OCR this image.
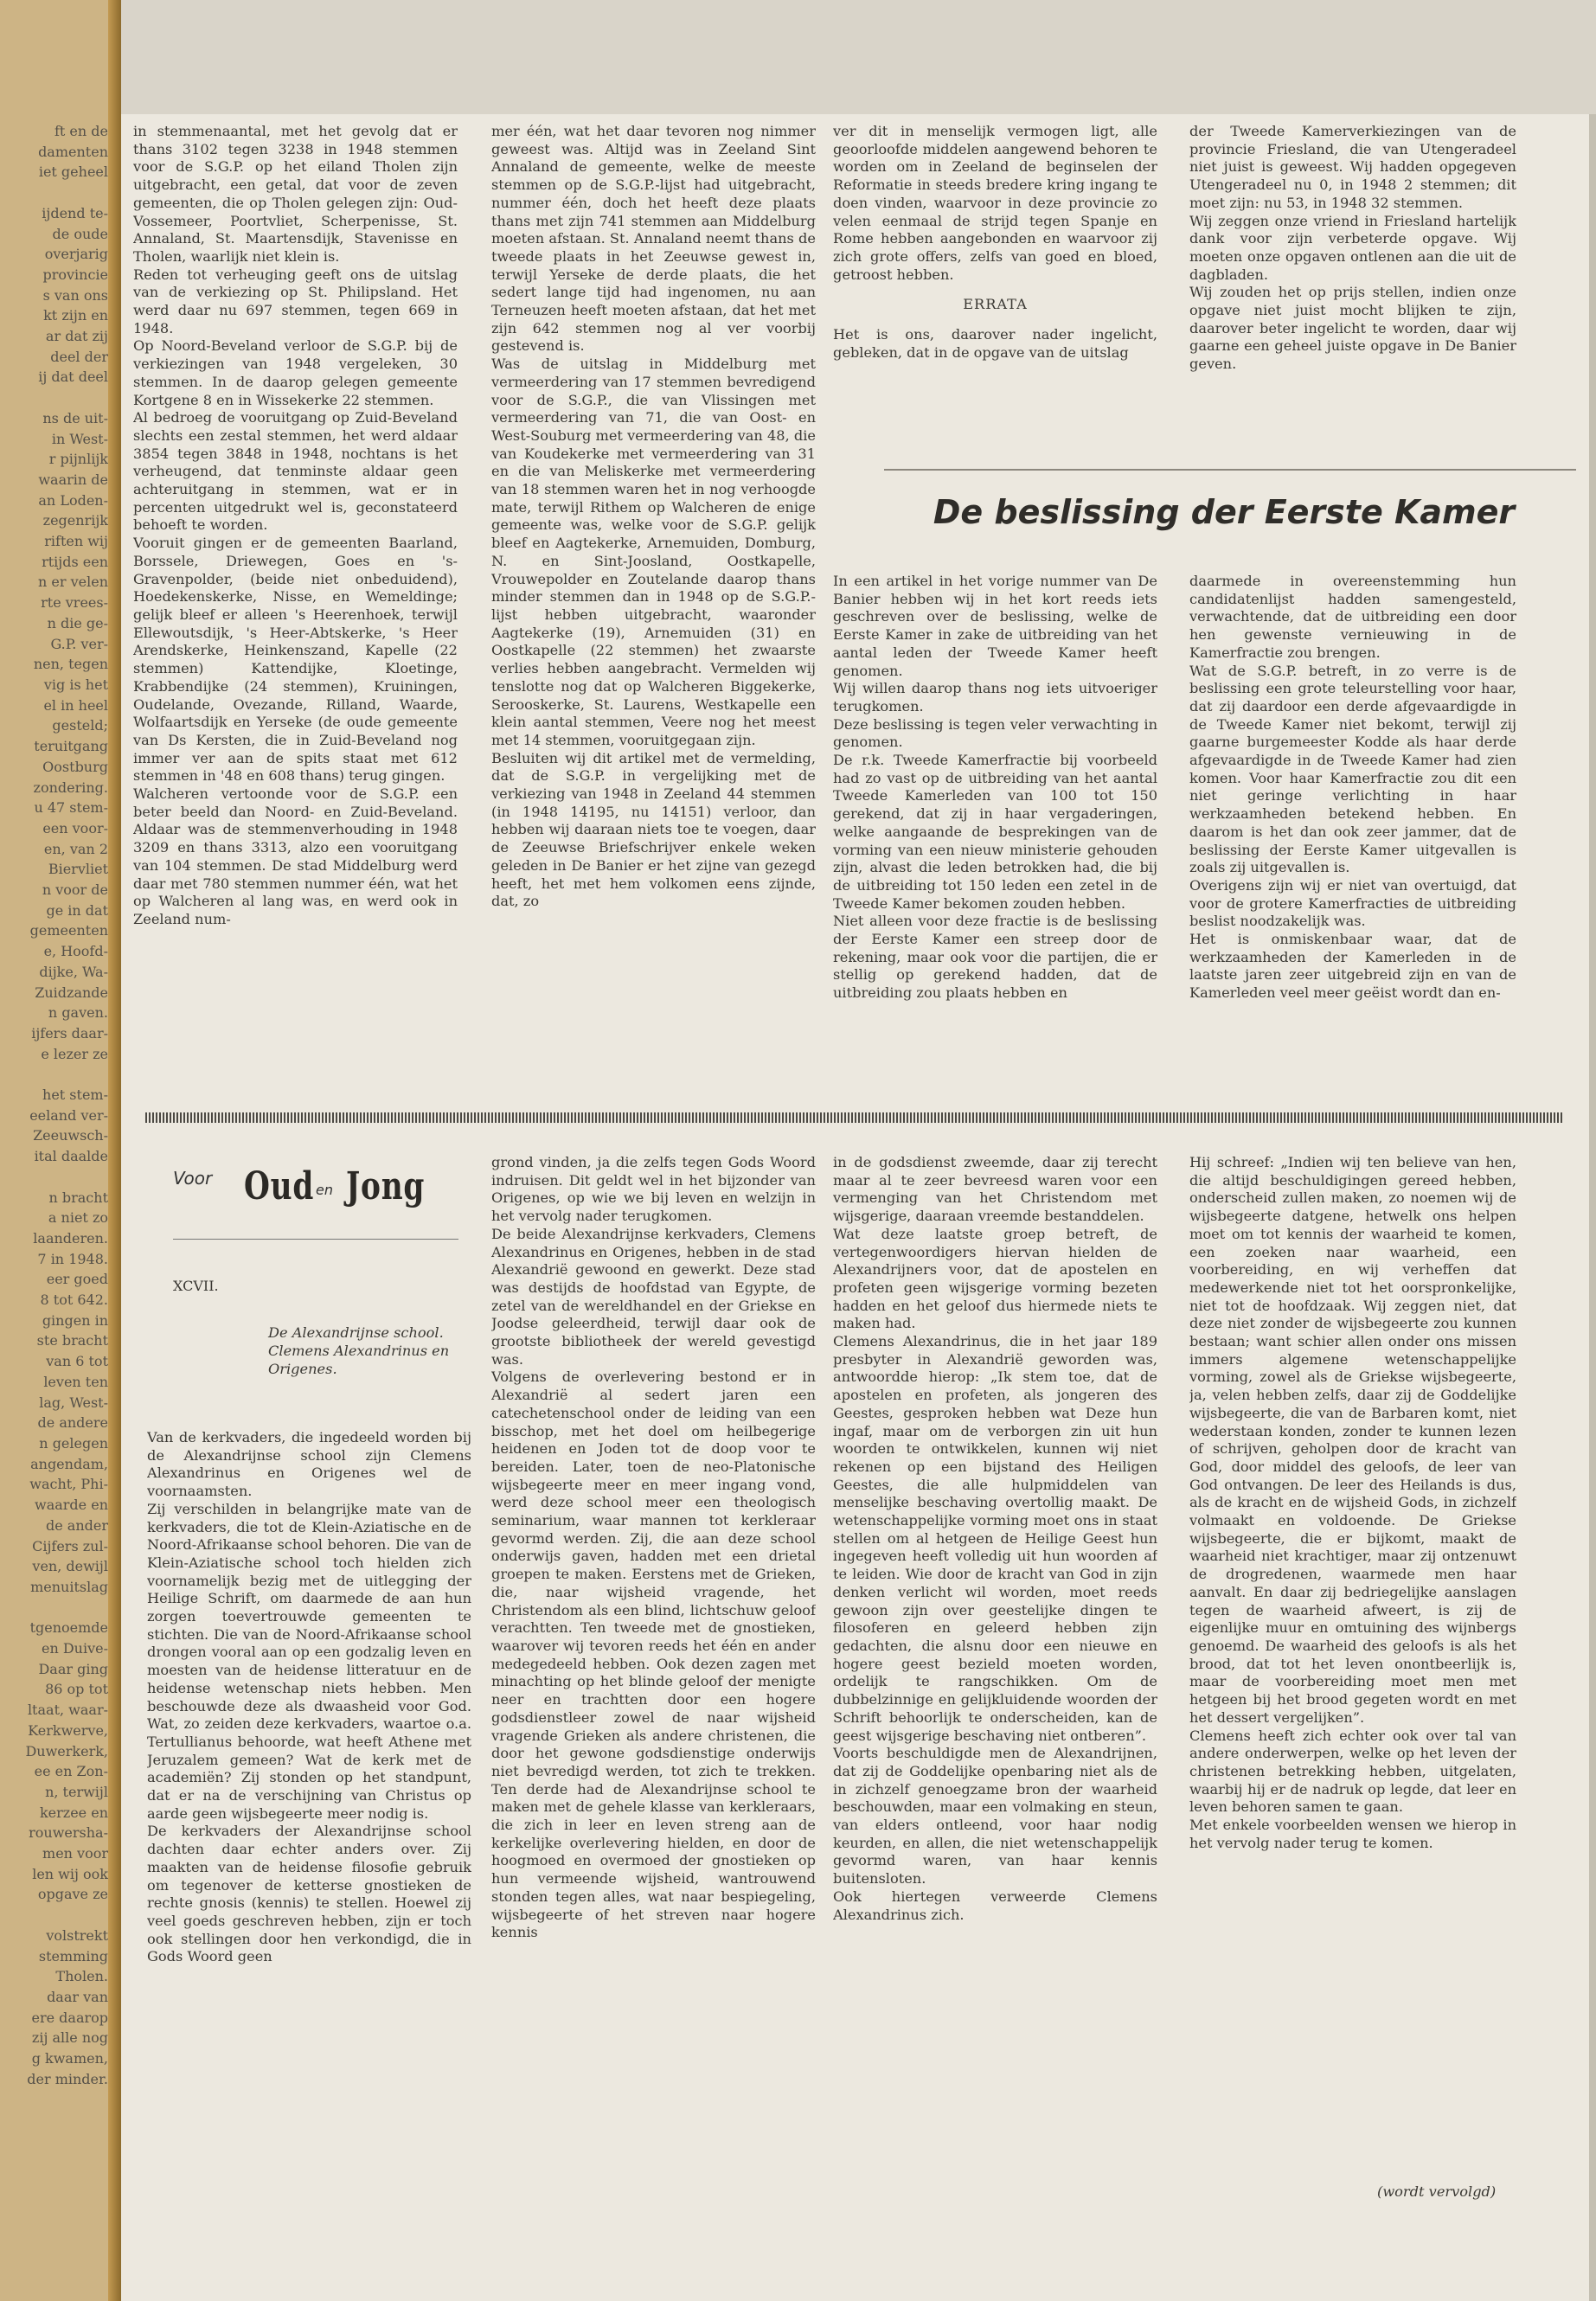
ft en de
damenten
iet geheel

ijdend te-
de oude
overjarig
provincie
s van ons
kt zijn en
ar dat zij
deel der
ij dat deel

ns de uit-
in West-
r pijnlijk
waarin de
an Loden-
zegenrijk
riften wij
rtijds een
n er velen
rte vrees-
n die ge-
G.P. ver-
nen, tegen
vig is het
el in heel
gesteld;
teruitgang
Oostburg
zondering.
u 47 stem-
een voor-
en, van 2
Biervliet
n voor de
ge in dat
gemeenten
e, Hoofd-
dijke, Wa-
Zuidzande
n gaven.
ijfers daar-
e lezer ze

het stem-
eeland ver-
Zeeuwsch-
ital daalde

n bracht
a niet zo
laanderen.
7 in 1948.
eer goed
8 tot 642.
gingen in
ste bracht
van 6 tot
leven ten
lag, West-
de andere
n gelegen
angendam,
wacht, Phi-
waarde en
de ander
Cijfers zul-
ven, dewijl
menuitslag

tgenoemde
en Duive-
Daar ging
86 op tot
ltaat, waar-
Kerkwerve,
Duwerkerk,
ee en Zon-
n, terwijl
kerzee en
rouwersha-
men voor
len wij ook
opgave ze

volstrekt
stemming
Tholen.
daar van
ere daarop
zij alle nog
g kwamen,
der minder.

in stemmenaantal, met het gevolg dat er thans 3102 tegen 3238 in 1948 stemmen voor de S.G.P. op het eiland Tholen zijn uitgebracht, een getal, dat voor de zeven gemeenten, die op Tholen gelegen zijn: Oud-Vossemeer, Poortvliet, Scherpenisse, St. Annaland, St. Maartensdijk, Stavenisse en Tholen, waarlijk niet klein is.

Reden tot verheuging geeft ons de uitslag van de verkiezing op St. Philipsland. Het werd daar nu 697 stemmen, tegen 669 in 1948.

Op Noord-Beveland verloor de S.G.P. bij de verkiezingen van 1948 vergeleken, 30 stemmen. In de daarop gelegen gemeente Kortgene 8 en in Wissekerke 22 stemmen.

Al bedroeg de vooruitgang op Zuid-Beveland slechts een zestal stemmen, het werd aldaar 3854 tegen 3848 in 1948, nochtans is het verheugend, dat tenminste aldaar geen achteruitgang in stemmen, wat er in percenten uitgedrukt wel is, geconstateerd behoeft te worden.

Vooruit gingen er de gemeenten Baarland, Borssele, Driewegen, Goes en 's-Gravenpolder, (beide niet onbeduidend), Hoedekenskerke, Nisse, en Wemeldinge; gelijk bleef er alleen 's Heerenhoek, terwijl Ellewoutsdijk, 's Heer-Abtskerke, 's Heer Arendskerke, Heinkenszand, Kapelle (22 stemmen) Kattendijke, Kloetinge, Krabbendijke (24 stemmen), Kruiningen, Oudelande, Ovezande, Rilland, Waarde, Wolfaartsdijk en Yerseke (de oude gemeente van Ds Kersten, die in Zuid-Beveland nog immer ver aan de spits staat met 612 stemmen in '48 en 608 thans) terug gingen.

Walcheren vertoonde voor de S.G.P. een beter beeld dan Noord- en Zuid-Beveland. Aldaar was de stemmenverhouding in 1948 3209 en thans 3313, alzo een vooruitgang van 104 stemmen. De stad Middelburg werd daar met 780 stemmen nummer één, wat het op Walcheren al lang was, en werd ook in Zeeland num-

mer één, wat het daar tevoren nog nimmer geweest was. Altijd was in Zeeland Sint Annaland de gemeente, welke de meeste stemmen op de S.G.P.-lijst had uitgebracht, nummer één, doch het heeft deze plaats thans met zijn 741 stemmen aan Middelburg moeten afstaan. St. Annaland neemt thans de tweede plaats in het Zeeuwse gewest in, terwijl Yerseke de derde plaats, die het sedert lange tijd had ingenomen, nu aan Terneuzen heeft moeten afstaan, dat het met zijn 642 stemmen nog al ver voorbij gestevend is.

Was de uitslag in Middelburg met vermeerdering van 17 stemmen bevredigend voor de S.G.P., die van Vlissingen met vermeerdering van 71, die van Oost- en West-Souburg met vermeerdering van 48, die van Koudekerke met vermeerdering van 31 en die van Meliskerke met vermeerdering van 18 stemmen waren het in nog verhoogde mate, terwijl Rithem op Walcheren de enige gemeente was, welke voor de S.G.P. gelijk bleef en Aagtekerke, Arnemuiden, Domburg, N. en Sint-Joosland, Oostkapelle, Vrouwepolder en Zoutelande daarop thans minder stemmen dan in 1948 op de S.G.P.-lijst hebben uitgebracht, waaronder Aagtekerke (19), Arnemuiden (31) en Oostkapelle (22 stemmen) het zwaarste verlies hebben aangebracht. Vermelden wij tenslotte nog dat op Walcheren Biggekerke, Serooskerke, St. Laurens, Westkapelle een klein aantal stemmen, Veere nog het meest met 14 stemmen, vooruitgegaan zijn.

Besluiten wij dit artikel met de vermelding, dat de S.G.P. in vergelijking met de verkiezing van 1948 in Zeeland 44 stemmen (in 1948 14195, nu 14151) verloor, dan hebben wij daaraan niets toe te voegen, daar de Zeeuwse Briefschrijver enkele weken geleden in De Banier er het zijne van gezegd heeft, het met hem volkomen eens zijnde, dat, zo

ver dit in menselijk vermogen ligt, alle geoorloofde middelen aangewend behoren te worden om in Zeeland de beginselen der Reformatie in steeds bredere kring ingang te doen vinden, waarvoor in deze provincie zo velen eenmaal de strijd tegen Spanje en Rome hebben aangebonden en waarvoor zij zich grote offers, zelfs van goed en bloed, getroost hebben.

ERRATA

Het is ons, daarover nader ingelicht, gebleken, dat in de opgave van de uitslag

der Tweede Kamerverkiezingen van de provincie Friesland, die van Utengeradeel niet juist is geweest. Wij hadden opgegeven Utengeradeel nu 0, in 1948 2 stemmen; dit moet zijn: nu 53, in 1948 32 stemmen.

Wij zeggen onze vriend in Friesland hartelijk dank voor zijn verbeterde opgave. Wij moeten onze opgaven ontlenen aan die uit de dagbladen.

Wij zouden het op prijs stellen, indien onze opgave niet juist mocht blijken te zijn, daarover beter ingelicht te worden, daar wij gaarne een geheel juiste opgave in De Banier geven.

De beslissing der Eerste Kamer

In een artikel in het vorige nummer van De Banier hebben wij in het kort reeds iets geschreven over de beslissing, welke de Eerste Kamer in zake de uitbreiding van het aantal leden der Tweede Kamer heeft genomen.

Wij willen daarop thans nog iets uitvoeriger terugkomen.

Deze beslissing is tegen veler verwachting in genomen.

De r.k. Tweede Kamerfractie bij voorbeeld had zo vast op de uitbreiding van het aantal Tweede Kamerleden van 100 tot 150 gerekend, dat zij in haar vergaderingen, welke aangaande de besprekingen van de vorming van een nieuw ministerie gehouden zijn, alvast die leden betrokken had, die bij de uitbreiding tot 150 leden een zetel in de Tweede Kamer bekomen zouden hebben.

Niet alleen voor deze fractie is de beslissing der Eerste Kamer een streep door de rekening, maar ook voor die partijen, die er stellig op gerekend hadden, dat de uitbreiding zou plaats hebben en

daarmede in overeenstemming hun candidatenlijst hadden samengesteld, verwachtende, dat de uitbreiding een door hen gewenste vernieuwing in de Kamerfractie zou brengen.

Wat de S.G.P. betreft, in zo verre is de beslissing een grote teleurstelling voor haar, dat zij daardoor een derde afgevaardigde in de Tweede Kamer niet bekomt, terwijl zij gaarne burgemeester Kodde als haar derde afgevaardigde in de Tweede Kamer had zien komen. Voor haar Kamerfractie zou dit een niet geringe verlichting in haar werkzaamheden betekend hebben. En daarom is het dan ook zeer jammer, dat de beslissing der Eerste Kamer uitgevallen is zoals zij uitgevallen is.

Overigens zijn wij er niet van overtuigd, dat voor de grotere Kamerfracties de uitbreiding beslist noodzakelijk was.

Het is onmiskenbaar waar, dat de werkzaamheden der Kamerleden in de laatste jaren zeer uitgebreid zijn en van de Kamerleden veel meer geëist wordt dan en-

Voor Oud en Jong
XCVII.
De Alexandrijnse school. Clemens Alexandrinus en Origenes.

Van de kerkvaders, die ingedeeld worden bij de Alexandrijnse school zijn Clemens Alexandrinus en Origenes wel de voornaamsten.

Zij verschilden in belangrijke mate van de kerkvaders, die tot de Klein-Aziatische en de Noord-Afrikaanse school behoren. Die van de Klein-Aziatische school toch hielden zich voornamelijk bezig met de uitlegging der Heilige Schrift, om daarmede de aan hun zorgen toevertrouwde gemeenten te stichten. Die van de Noord-Afrikaanse school drongen vooral aan op een godzalig leven en moesten van de heidense litteratuur en de heidense wetenschap niets hebben. Men beschouwde deze als dwaasheid voor God. Wat, zo zeiden deze kerkvaders, waartoe o.a. Tertullianus behoorde, wat heeft Athene met Jeruzalem gemeen? Wat de kerk met de academiën? Zij stonden op het standpunt, dat er na de verschijning van Christus op aarde geen wijsbegeerte meer nodig is.

De kerkvaders der Alexandrijnse school dachten daar echter anders over. Zij maakten van de heidense filosofie gebruik om tegenover de ketterse gnostieken de rechte gnosis (kennis) te stellen. Hoewel zij veel goeds geschreven hebben, zijn er toch ook stellingen door hen verkondigd, die in Gods Woord geen

grond vinden, ja die zelfs tegen Gods Woord indruisen. Dit geldt wel in het bijzonder van Origenes, op wie we bij leven en welzijn in het vervolg nader terugkomen.

De beide Alexandrijnse kerkvaders, Clemens Alexandrinus en Origenes, hebben in de stad Alexandrië gewoond en gewerkt. Deze stad was destijds de hoofdstad van Egypte, de zetel van de wereldhandel en der Griekse en Joodse geleerdheid, terwijl daar ook de grootste bibliotheek der wereld gevestigd was.

Volgens de overlevering bestond er in Alexandrië al sedert jaren een catechetenschool onder de leiding van een bisschop, met het doel om heilbegerige heidenen en Joden tot de doop voor te bereiden. Later, toen de neo-Platonische wijsbegeerte meer en meer ingang vond, werd deze school meer een theologisch seminarium, waar mannen tot kerkleraar gevormd werden. Zij, die aan deze school onderwijs gaven, hadden met een drietal groepen te maken. Eerstens met de Grieken, die, naar wijsheid vragende, het Christendom als een blind, lichtschuw geloof verachtten. Ten tweede met de gnostieken, waarover wij tevoren reeds het één en ander medegedeeld hebben. Ook dezen zagen met minachting op het blinde geloof der menigte neer en trachtten door een hogere godsdienstleer zowel de naar wijsheid vragende Grieken als andere christenen, die door het gewone godsdienstige onderwijs niet bevredigd werden, tot zich te trekken. Ten derde had de Alexandrijnse school te maken met de gehele klasse van kerkleraars, die zich in leer en leven streng aan de kerkelijke overlevering hielden, en door de hoogmoed en overmoed der gnostieken op hun vermeende wijsheid, wantrouwend stonden tegen alles, wat naar bespiegeling, wijsbegeerte of het streven naar hogere kennis

in de godsdienst zweemde, daar zij terecht maar al te zeer bevreesd waren voor een vermenging van het Christendom met wijsgerige, daaraan vreemde bestanddelen.

Wat deze laatste groep betreft, de vertegenwoordigers hiervan hielden de Alexandrijners voor, dat de apostelen en profeten geen wijsgerige vorming bezeten hadden en het geloof dus hiermede niets te maken had.

Clemens Alexandrinus, die in het jaar 189 presbyter in Alexandrië geworden was, antwoordde hierop: „Ik stem toe, dat de apostelen en profeten, als jongeren des Geestes, gesproken hebben wat Deze hun ingaf, maar om de verborgen zin uit hun woorden te ontwikkelen, kunnen wij niet rekenen op een bijstand des Heiligen Geestes, die alle hulpmiddelen van menselijke beschaving overtollig maakt. De wetenschappelijke vorming moet ons in staat stellen om al hetgeen de Heilige Geest hun ingegeven heeft volledig uit hun woorden af te leiden. Wie door de kracht van God in zijn denken verlicht wil worden, moet reeds gewoon zijn over geestelijke dingen te filosoferen en geleerd hebben zijn gedachten, die alsnu door een nieuwe en hogere geest bezield moeten worden, ordelijk te rangschikken. Om de dubbelzinnige en gelijkluidende woorden der Schrift behoorlijk te onderscheiden, kan de geest wijsgerige beschaving niet ontberen”.

Voorts beschuldigde men de Alexandrijnen, dat zij de Goddelijke openbaring niet als de in zichzelf genoegzame bron der waarheid beschouwden, maar een volmaking en steun, van elders ontleend, voor haar nodig keurden, en allen, die niet wetenschappelijk gevormd waren, van haar kennis buitensloten.

Ook hiertegen verweerde Clemens Alexandrinus zich.

Hij schreef: „Indien wij ten believe van hen, die altijd beschuldigingen gereed hebben, onderscheid zullen maken, zo noemen wij de wijsbegeerte datgene, hetwelk ons helpen moet om tot kennis der waarheid te komen, een zoeken naar waarheid, een voorbereiding, en wij verheffen dat medewerkende niet tot het oorspronkelijke, niet tot de hoofdzaak. Wij zeggen niet, dat deze niet zonder de wijsbegeerte zou kunnen bestaan; want schier allen onder ons missen immers algemene wetenschappelijke vorming, zowel als de Griekse wijsbegeerte, ja, velen hebben zelfs, daar zij de Goddelijke wijsbegeerte, die van de Barbaren komt, niet wederstaan konden, zonder te kunnen lezen of schrijven, geholpen door de kracht van God, door middel des geloofs, de leer van God ontvangen. De leer des Heilands is dus, als de kracht en de wijsheid Gods, in zichzelf volmaakt en voldoende. De Griekse wijsbegeerte, die er bijkomt, maakt de waarheid niet krachtiger, maar zij ontzenuwt de drogredenen, waarmede men haar aanvalt. En daar zij bedriegelijke aanslagen tegen de waarheid afweert, is zij de eigenlijke muur en omtuining des wijnbergs genoemd. De waarheid des geloofs is als het brood, dat tot het leven onontbeerlijk is, maar de voorbereiding moet men met hetgeen bij het brood gegeten wordt en met het dessert vergelijken”.

Clemens heeft zich echter ook over tal van andere onderwerpen, welke op het leven der christenen betrekking hebben, uitgelaten, waarbij hij er de nadruk op legde, dat leer en leven behoren samen te gaan.

Met enkele voorbeelden wensen we hierop in het vervolg nader terug te komen.

(wordt vervolgd)
